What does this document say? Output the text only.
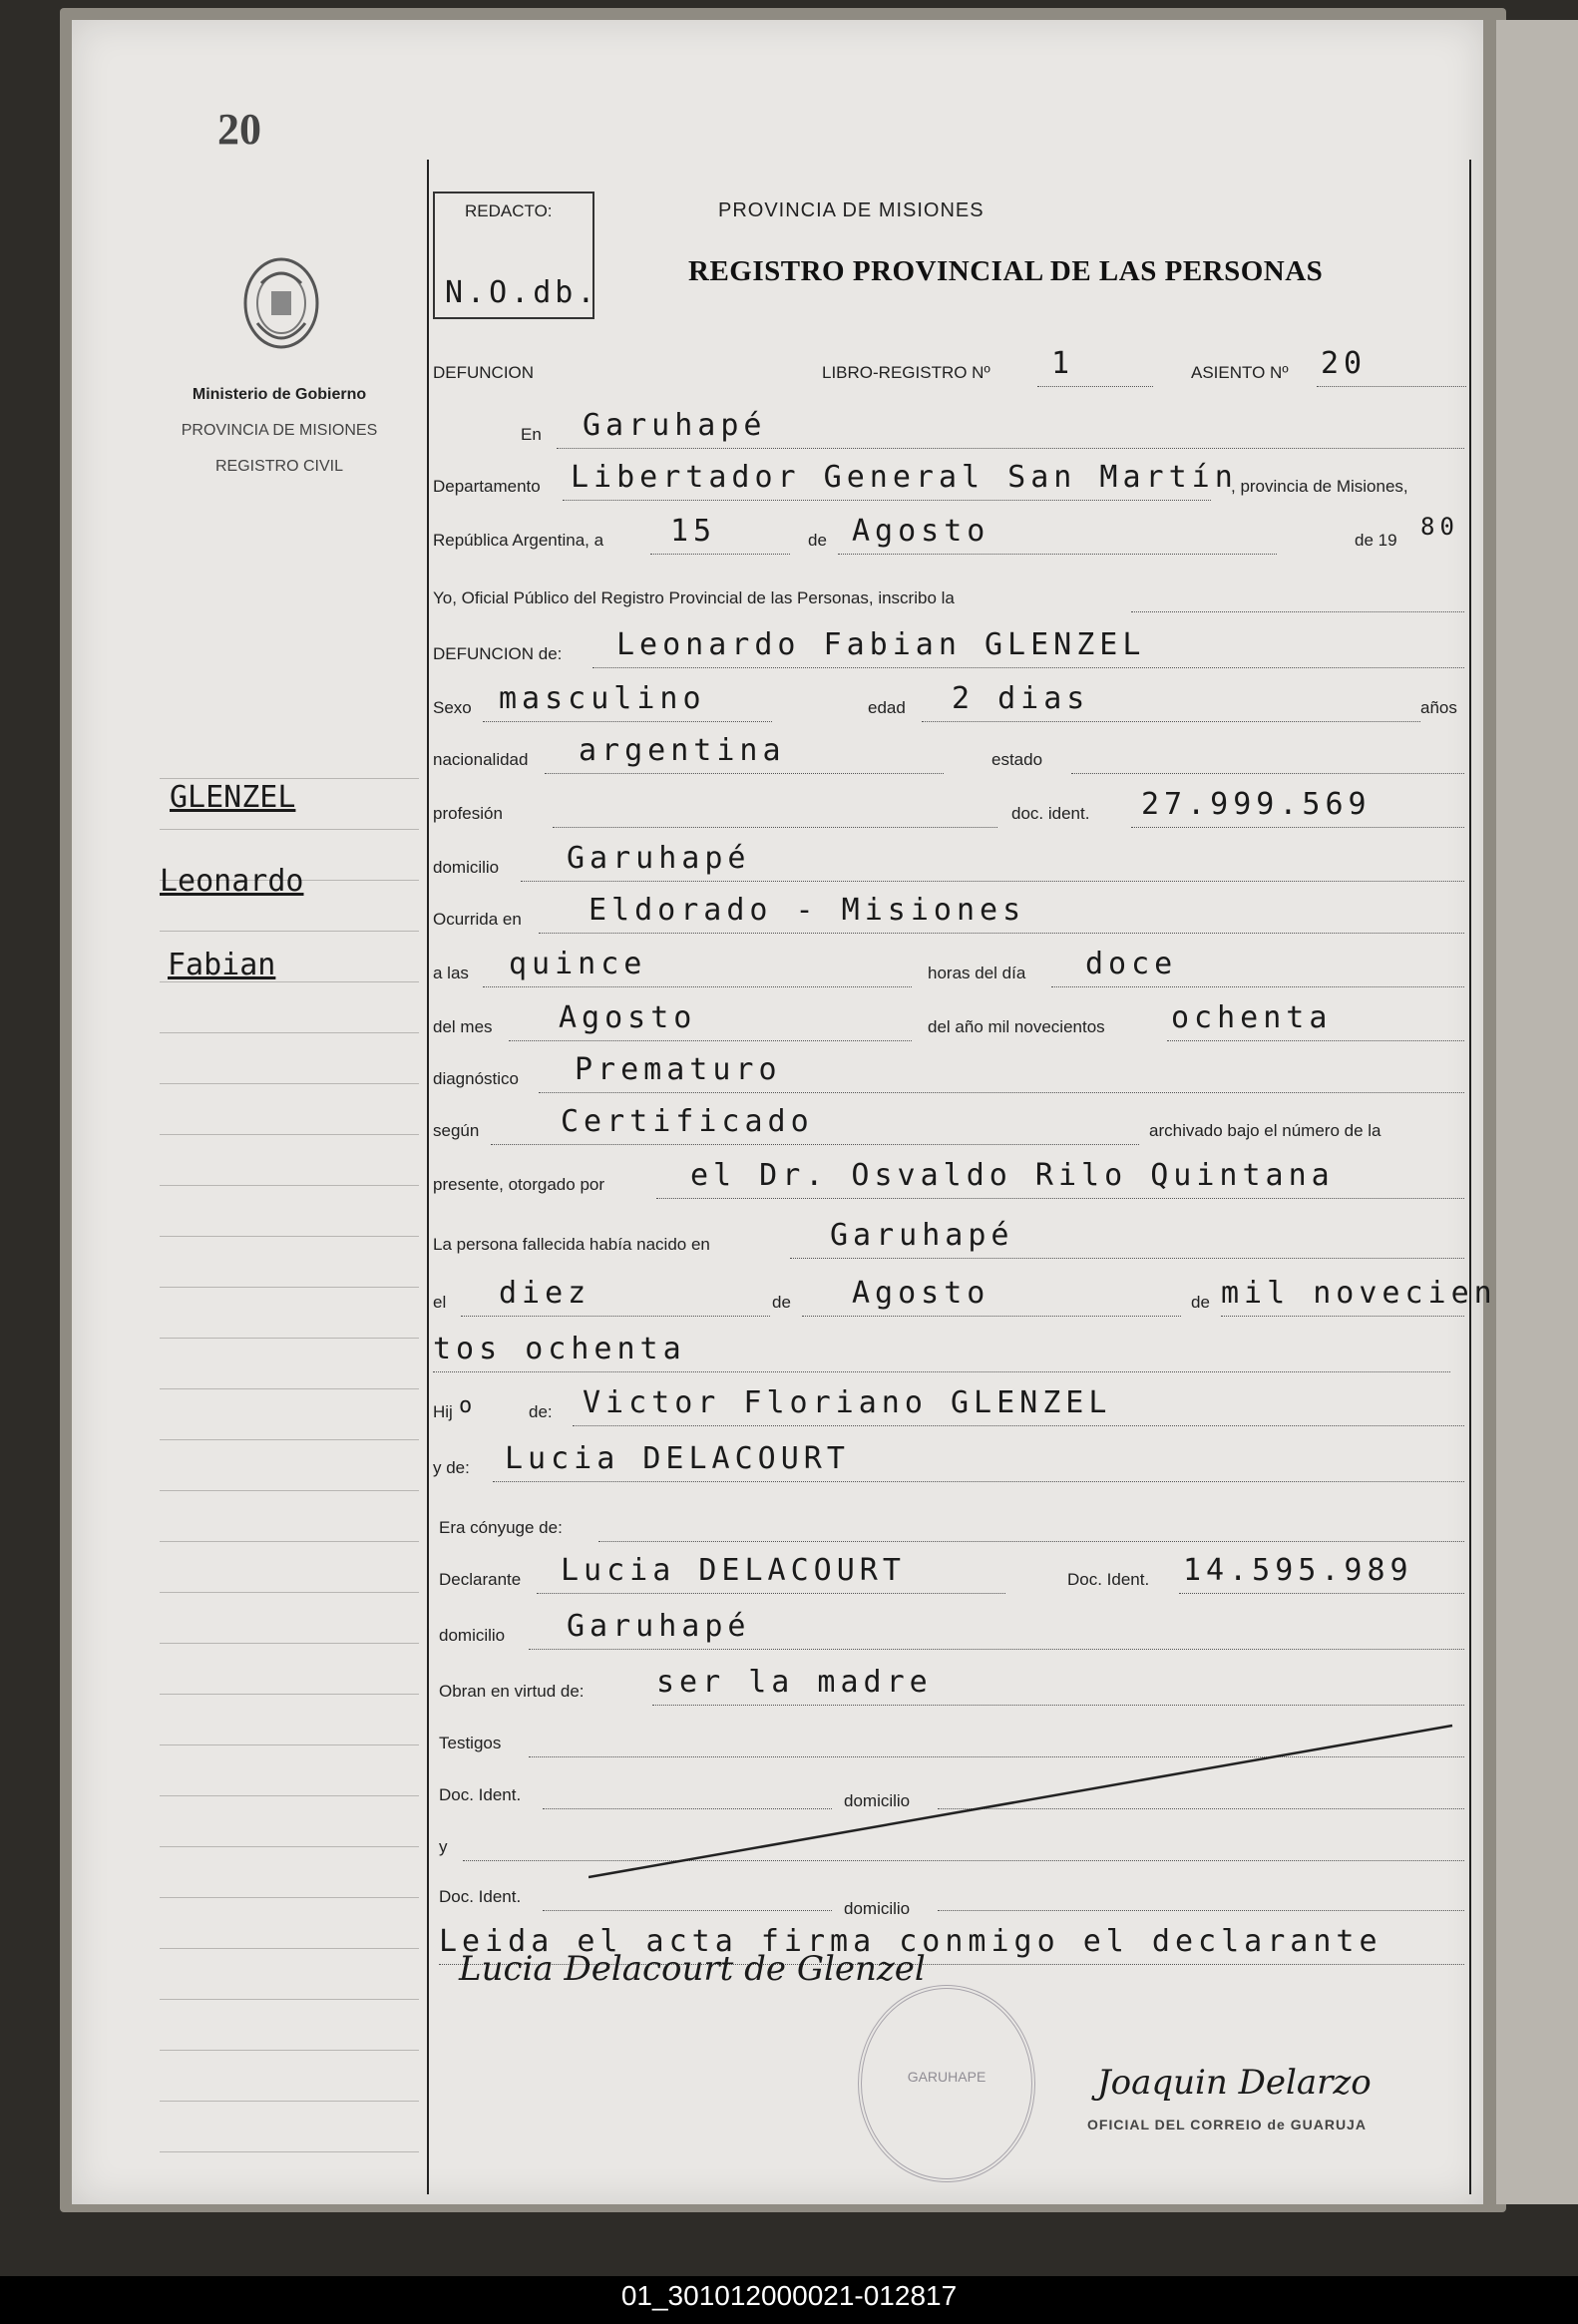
20
Ministerio de Gobierno
PROVINCIA DE MISIONES
REGISTRO CIVIL
GLENZEL
Leonardo
Fabian
REDACTO:
N.O.db.
PROVINCIA DE MISIONES
REGISTRO PROVINCIAL DE LAS PERSONAS
DEFUNCION	LIBRO-REGISTRO Nº 1	ASIENTO Nº 20
En Garuhapé
Departamento Libertador General San Martín
, provincia de Misiones,
República Argentina, a 15	de Agosto	de 19 80
Yo, Oficial Público del Registro Provincial de las Personas, inscribo la
DEFUNCION de: Leonardo Fabian GLENZEL
Sexo masculino	edad 2 dias	años
nacionalidad argentina	estado
profesión	doc. ident. 27.999.569
domicilio Garuhapé
Ocurrida en Eldorado - Misiones
a las quince	horas del día doce
del mes Agosto	del año mil novecientos ochenta
diagnóstico Prematuro
según	Certificado	archivado bajo el número de la
presente, otorgado por	el Dr. Osvaldo Rilo Quintana
La persona fallecida había nacido en	Garuhapé
el diez	de Agosto	de mil novecien
tos ochenta
Hij o	de: Victor Floriano GLENZEL
y de: Lucia DELACOURT
Era cónyuge de:
Declarante Lucia DELACOURT	Doc. Ident. 14.595.989
domicilio Garuhapé
Obran en virtud de: ser la madre
Testigos
Doc. Ident.	domicilio
y
Doc. Ident.
domicilio
Leida el acta firma conmigo el declarante
Lucia Delacourt de Glenzel
GARUHAPE	Joaquin Delarzo
OFICIAL DEL CORREIO de GUARUJA
01_301012000021-012817
